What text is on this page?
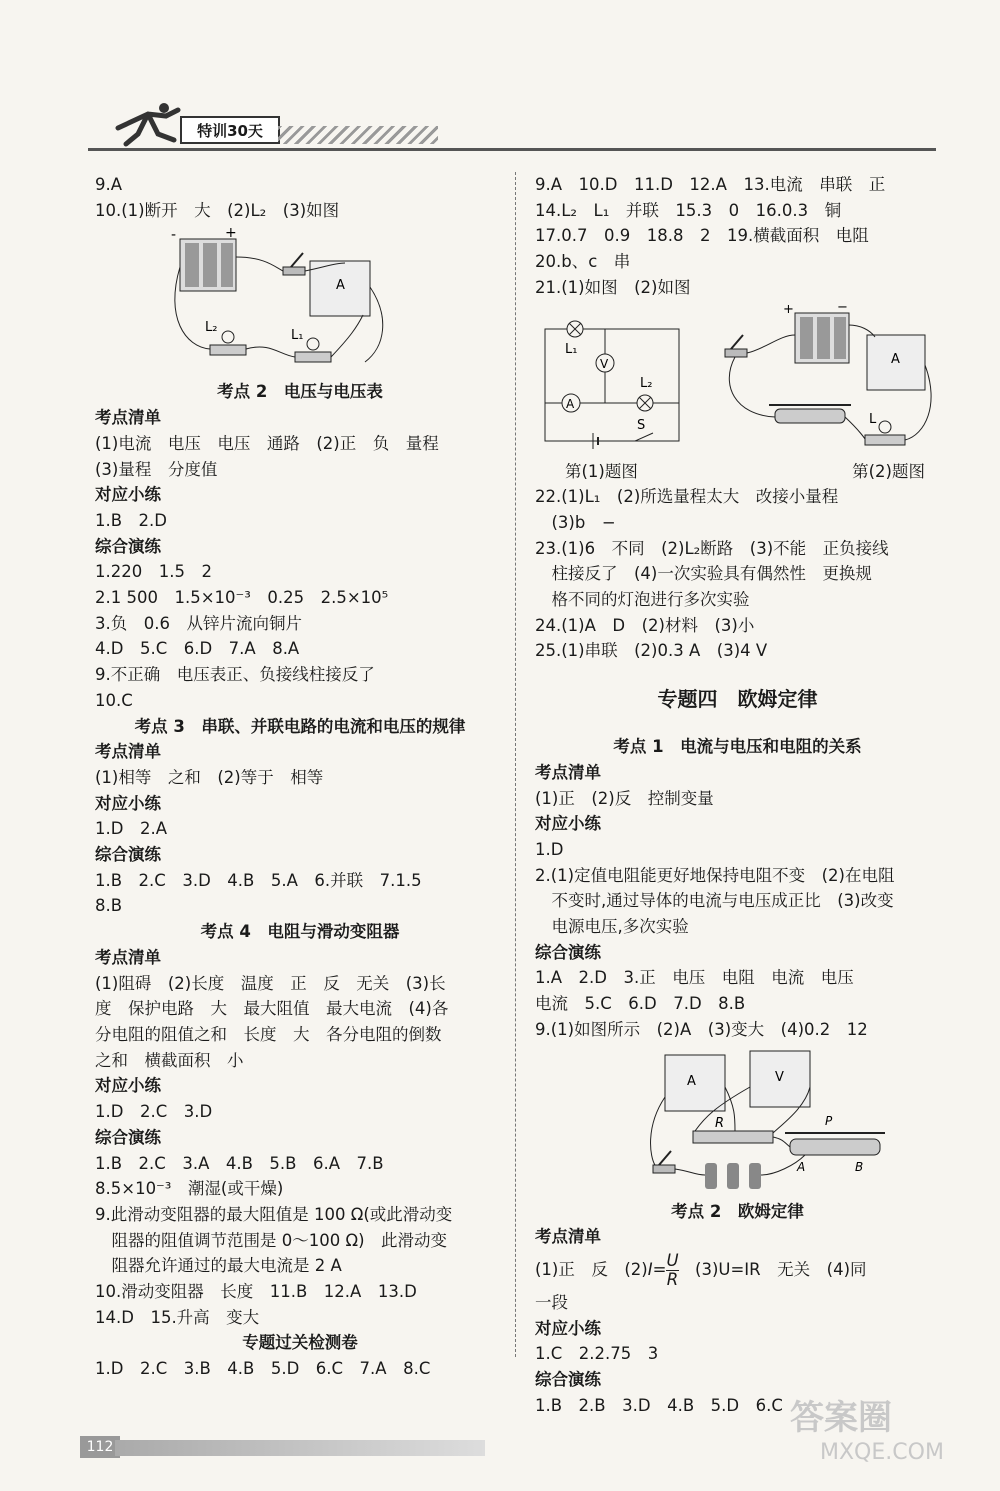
特训30天

9.A

10.(1)断开　大　(2)L₂　(3)如图

-	+
A
L₂
L₁

考点 2　电压与电压表

考点清单

(1)电流　电压　电压　通路　(2)正　负　量程

(3)量程　分度值

对应小练

1.B　2.D

综合演练

1.220　1.5　2

2.1 500　1.5×10⁻³　0.25　2.5×10⁵

3.负　0.6　从锌片流向铜片

4.D　5.C　6.D　7.A　8.A

9.不正确　电压表正、负接线柱接反了

10.C

考点 3　串联、并联电路的电流和电压的规律

考点清单

(1)相等　之和　(2)等于　相等

对应小练

1.D　2.A

综合演练

1.B　2.C　3.D　4.B　5.A　6.并联　7.1.5

8.B

考点 4　电阻与滑动变阻器

考点清单

(1)阻碍　(2)长度　温度　正　反　无关　(3)长

度　保护电路　大　最大阻值　最大电流　(4)各

分电阻的阻值之和　长度　大　各分电阻的倒数

之和　横截面积　小

对应小练

1.D　2.C　3.D

综合演练

1.B　2.C　3.A　4.B　5.B　6.A　7.B

8.5×10⁻³　潮湿(或干燥)

9.此滑动变阻器的最大阻值是 100 Ω(或此滑动变

　阻器的阻值调节范围是 0～100 Ω)　此滑动变

　阻器允许通过的最大电流是 2 A

10.滑动变阻器　长度　11.B　12.A　13.D

14.D　15.升高　变大

专题过关检测卷

1.D　2.C　3.B　4.B　5.D　6.C　7.A　8.C

9.A　10.D　11.D　12.A　13.电流　串联　正

14.L₂　L₁　并联　15.3　0　16.0.3　铜

17.0.7　0.9　18.8　2　19.横截面积　电阻

20.b、c　串

21.(1)如图　(2)如图

L₁
V
A
L₂
S
+	−
A
L
第(1)题图	第(2)题图

22.(1)L₁　(2)所选量程太大　改接小量程

　(3)b　−

23.(1)6　不同　(2)L₂断路　(3)不能　正负接线

　柱接反了　(4)一次实验具有偶然性　更换规

　格不同的灯泡进行多次实验

24.(1)A　D　(2)材料　(3)小

25.(1)串联　(2)0.3 A　(3)4 V

专题四　欧姆定律

考点 1　电流与电压和电阻的关系

考点清单

(1)正　(2)反　控制变量

对应小练

1.D

2.(1)定值电阻能更好地保持电阻不变　(2)在电阻

　不变时,通过导体的电流与电压成正比　(3)改变

　电源电压,多次实验

综合演练

1.A　2.D　3.正　电压　电阻　电流　电压

电流　5.C　6.D　7.D　8.B

9.(1)如图所示　(2)A　(3)变大　(4)0.2　12

A	V
R	P
A	B

考点 2　欧姆定律

考点清单

(1)正　反　$(2)I= \frac{U}{R}$ 　(3)U=IR　无关　(4)同

一段

对应小练

1.C　2.2.75　3

综合演练

1.B　2.B　3.D　4.B　5.D　6.C

112
答案圈
MXQE.COM
